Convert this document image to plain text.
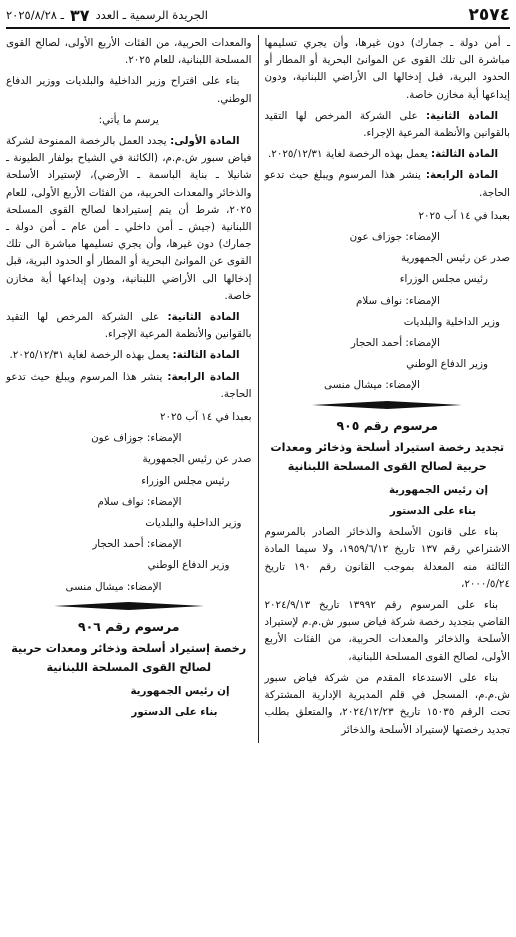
٢٥٧٤
الجريدة الرسمية ـ العدد
٣٧
ـ ٢٠٢٥/٨/٢٨

ـ أمن دولة ـ جمارك) دون غيرها، وأن يجري تسليمها مباشرة الى تلك القوى عن الموانئ البحرية أو المطار أو الحدود البرية، قبل إدخالها الى الأراضي اللبنانية، ودون إيداعها أية مخازن خاصة.

المادة الثانية: على الشركة المرخص لها التقيد بالقوانين والأنظمة المرعية الإجراء.

المادة الثالثة: يعمل بهذه الرخصة لغاية ٢٠٢٥/١٢/٣١.

المادة الرابعة: ينشر هذا المرسوم ويبلغ حيث تدعو الحاجة.

بعبدا في ١٤ آب ٢٠٢٥

الإمضاء: جوزاف عون

صدر عن رئيس الجمهورية

رئيس مجلس الوزراء

الإمضاء: نواف سلام

وزير الداخلية والبلديات

الإمضاء: أحمد الحجار

وزير الدفاع الوطني

الإمضاء: ميشال منسى

مرسوم رقم ٩٠٥
تجديد رخصة استيراد أسلحة وذخائر ومعدات حربية لصالح القوى المسلحة اللبنانية

إن رئيس الجمهورية

بناء على الدستور

بناء على قانون الأسلحة والذخائر الصادر بالمرسوم الاشتراعي رقم ١٣٧ تاريخ ١٩٥٩/٦/١٢، ولا سيما المادة الثالثة منه المعدلة بموجب القانون رقم ١٩٠ تاريخ ٢٠٠٠/٥/٢٤،

بناء على المرسوم رقم ١٣٩٩٢ تاريخ ٢٠٢٤/٩/١٣ القاضي بتجديد رخصة شركة فياض سبور ش.م.م لإستيراد الأسلحة والذخائر والمعدات الحربية، من الفئات الأربع الأولى، لصالح القوى المسلحة اللبنانية،

بناء على الاستدعاء المقدم من شركة فياض سبور ش.م.م، المسجل في قلم المديرية الإدارية المشتركة تحت الرقم ١٥٠٣٥ تاريخ ٢٠٢٤/١٢/٢٣، والمتعلق بطلب تجديد رخصتها لإستيراد الأسلحة والذخائر

والمعدات الحربية، من الفئات الأربع الأولى، لصالح القوى المسلحة اللبنانية، للعام ٢٠٢٥.

بناء على اقتراح وزير الداخلية والبلديات ووزير الدفاع الوطني.

يرسم ما يأتي:

المادة الأولى: يجدد العمل بالرخصة الممنوحة لشركة فياض سبور ش.م.م، (الكائنة في الشياح بولفار الطيونة ـ شانيلا ـ بناية الباسمة ـ الأرضي)، لإستيراد الأسلحة والذخائر والمعدات الحربية، من الفئات الأربع الأولى، للعام ٢٠٢٥، شرط أن يتم إستيرادها لصالح القوى المسلحة اللبنانية (جيش ـ أمن داخلي ـ أمن عام ـ أمن دولة ـ جمارك) دون غيرها، وأن يجري تسليمها مباشرة الى تلك القوى عن الموانئ البحرية أو المطار أو الحدود البرية، قبل إدخالها الى الأراضي اللبنانية، ودون إيداعها أية مخازن خاصة.

المادة الثانية: على الشركة المرخص لها التقيد بالقوانين والأنظمة المرعية الإجراء.

المادة الثالثة: يعمل بهذه الرخصة لغاية ٢٠٢٥/١٢/٣١.

المادة الرابعة: ينشر هذا المرسوم ويبلغ حيث تدعو الحاجة.

بعبدا في ١٤ آب ٢٠٢٥

الإمضاء: جوزاف عون

صدر عن رئيس الجمهورية

رئيس مجلس الوزراء

الإمضاء: نواف سلام

وزير الداخلية والبلديات

الإمضاء: أحمد الحجار

وزير الدفاع الوطني

الإمضاء: ميشال منسى

مرسوم رقم ٩٠٦
رخصة إستيراد أسلحة وذخائر ومعدات حربية لصالح القوى المسلحة اللبنانية

إن رئيس الجمهورية

بناء على الدستور
